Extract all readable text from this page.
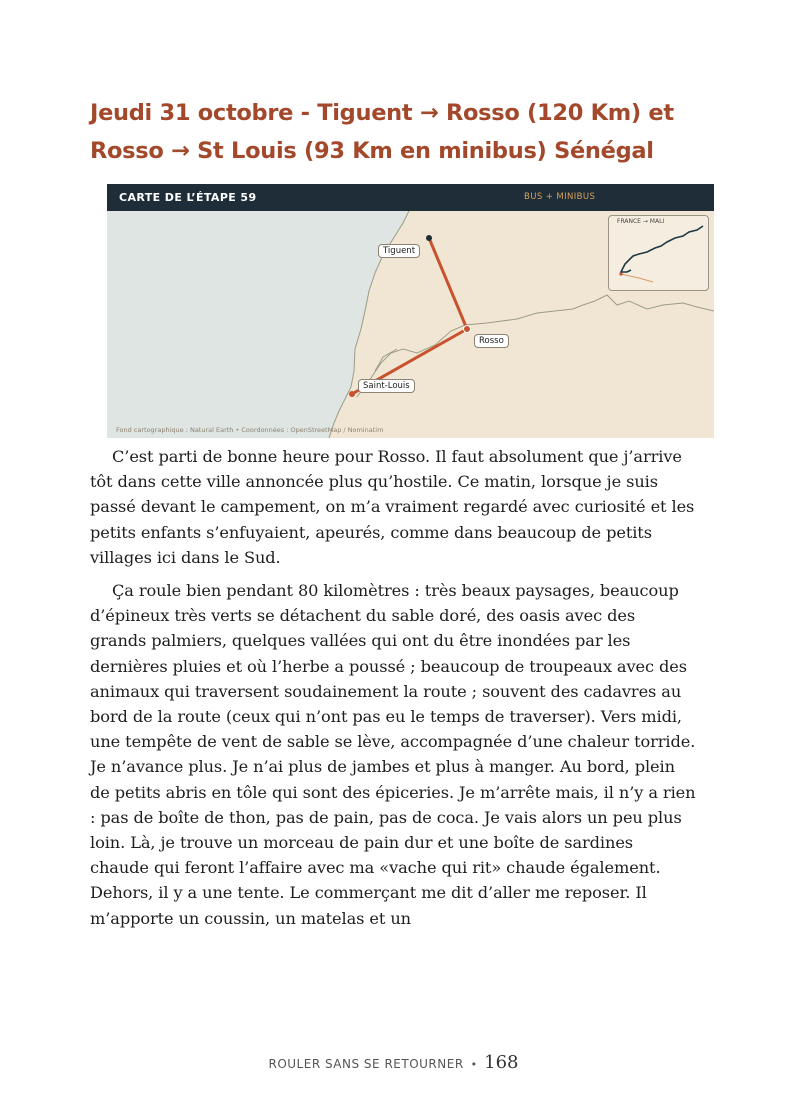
Jeudi 31 octobre - Tiguent → Rosso (120 Km) et Rosso → St Louis (93 Km en minibus) Sénégal
CARTE DE L’ÉTAPE 59	BUS + MINIBUS
Tiguent
Rosso
Saint-Louis
FRANCE → MALI
Fond cartographique : Natural Earth • Coordonnées : OpenStreetMap / Nominatim

C’est parti de bonne heure pour Rosso. Il faut absolument que j’arrive tôt dans cette ville annoncée plus qu’hostile. Ce matin, lorsque je suis passé devant le campement, on m’a vraiment regardé avec curiosité et les petits enfants s’enfuyaient, apeurés, comme dans beaucoup de petits villages ici dans le Sud.

Ça roule bien pendant 80 kilomètres : très beaux paysages, beaucoup d’épineux très verts se détachent du sable doré, des oasis avec des grands palmiers, quelques vallées qui ont du être inondées par les dernières pluies et où l’herbe a poussé ; beaucoup de troupeaux avec des animaux qui traversent soudainement la route ; souvent des cadavres au bord de la route (ceux qui n’ont pas eu le temps de traverser). Vers midi, une tempête de vent de sable se lève, accompagnée d’une chaleur torride. Je n’avance plus. Je n’ai plus de jambes et plus à manger. Au bord, plein de petits abris en tôle qui sont des épiceries. Je m’arrête mais, il n’y a rien : pas de boîte de thon, pas de pain, pas de coca. Je vais alors un peu plus loin. Là, je trouve un morceau de pain dur et une boîte de sardines chaude qui feront l’affaire avec ma «vache qui rit» chaude également. Dehors, il y a une tente. Le commerçant me dit d’aller me reposer. Il m’apporte un coussin, un matelas et un

ROULER SANS SE RETOURNER • 168
